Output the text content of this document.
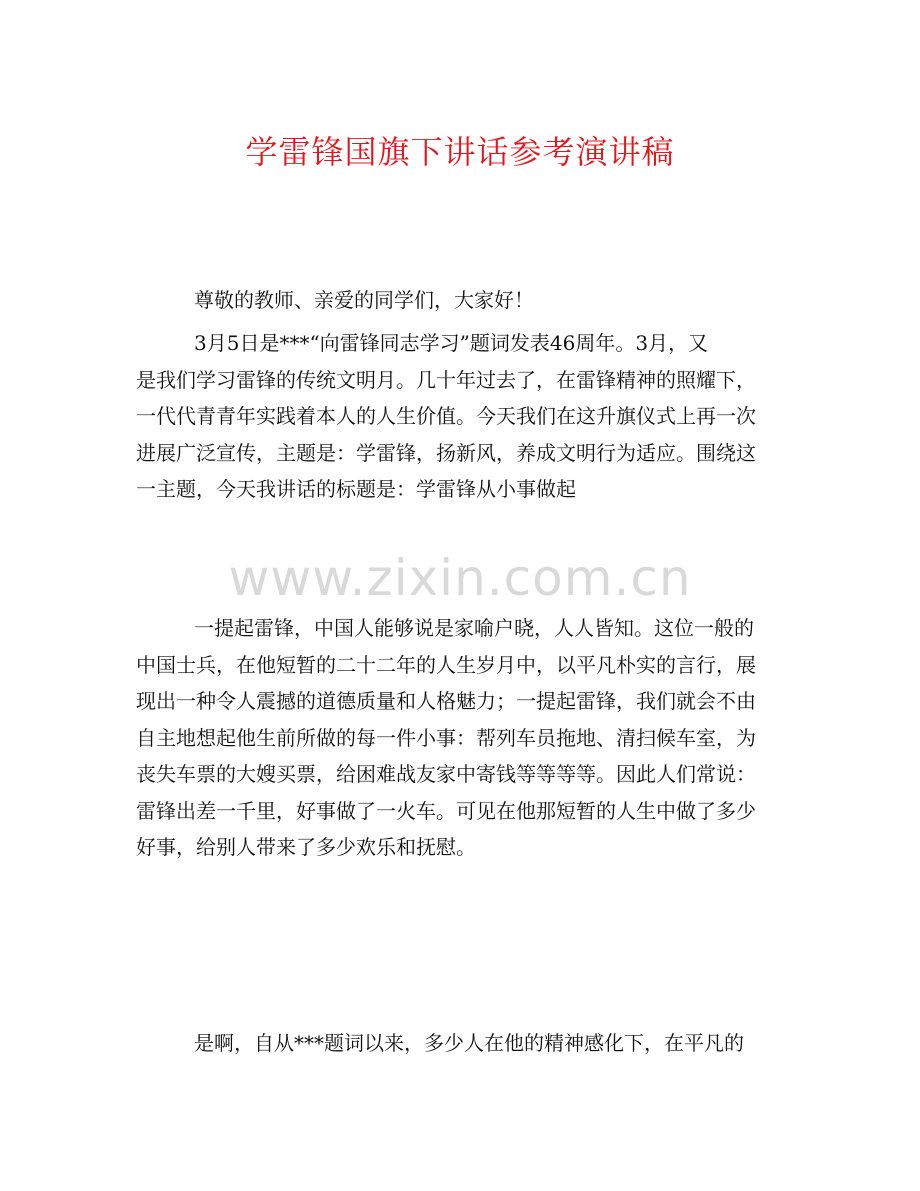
学雷锋国旗下讲话参考演讲稿

尊敬的教师、亲爱的同学们，大家好！

3月5日是***“向雷锋同志学习”题词发表46周年。3月，又
是我们学习雷锋的传统文明月。几十年过去了，在雷锋精神的照耀下，
一代代青青年实践着本人的人生价值。今天我们在这升旗仪式上再一次
进展广泛宣传，主题是：学雷锋，扬新风，养成文明行为适应。围绕这
一主题，今天我讲话的标题是：学雷锋从小事做起

www.zixin.com.cn

一提起雷锋，中国人能够说是家喻户晓，人人皆知。这位一般的
中国士兵，在他短暂的二十二年的人生岁月中，以平凡朴实的言行，展
现出一种令人震撼的道德质量和人格魅力；一提起雷锋，我们就会不由
自主地想起他生前所做的每一件小事：帮列车员拖地、清扫候车室，为
丧失车票的大嫂买票，给困难战友家中寄钱等等等等。因此人们常说：
雷锋出差一千里，好事做了一火车。可见在他那短暂的人生中做了多少
好事，给别人带来了多少欢乐和抚慰。

是啊，自从***题词以来，多少人在他的精神感化下，在平凡的
